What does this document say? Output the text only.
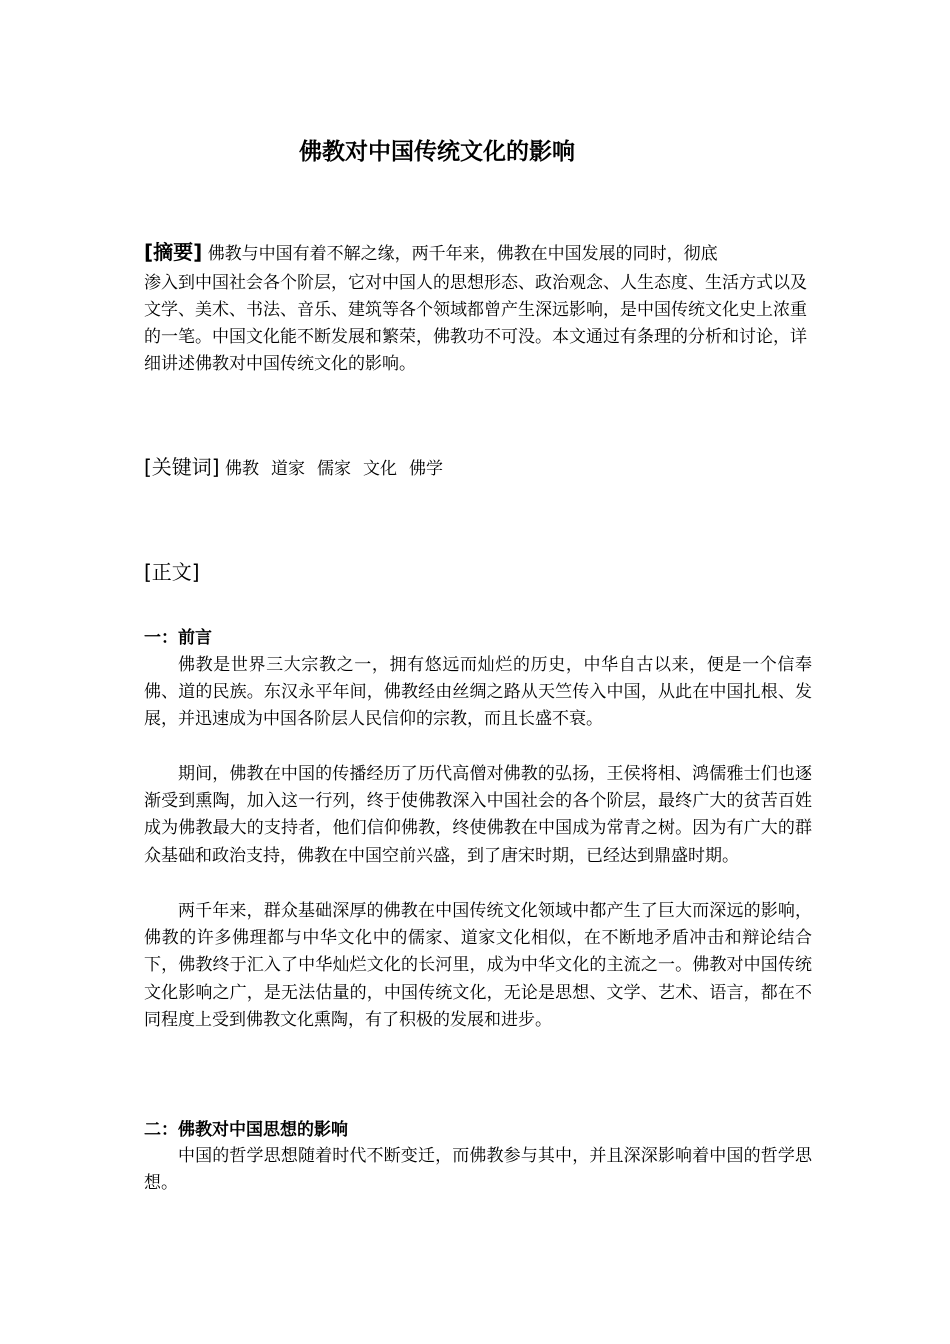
佛教对中国传统文化的影响
[摘要] 佛教与中国有着不解之缘，两千年来，佛教在中国发展的同时，彻底
渗入到中国社会各个阶层，它对中国人的思想形态、政治观念、人生态度、生活方式以及文学、美术、书法、音乐、建筑等各个领域都曾产生深远影响，是中国传统文化史上浓重的一笔。中国文化能不断发展和繁荣，佛教功不可没。本文通过有条理的分析和讨论，详细讲述佛教对中国传统文化的影响。
[关键词] 佛教 道家 儒家 文化 佛学
[正文]
一：前言

佛教是世界三大宗教之一，拥有悠远而灿烂的历史，中华自古以来，便是一个信奉佛、道的民族。东汉永平年间，佛教经由丝绸之路从天竺传入中国，从此在中国扎根、发展，并迅速成为中国各阶层人民信仰的宗教，而且长盛不衰。

期间，佛教在中国的传播经历了历代高僧对佛教的弘扬，王侯将相、鸿儒雅士们也逐渐受到熏陶，加入这一行列，终于使佛教深入中国社会的各个阶层，最终广大的贫苦百姓成为佛教最大的支持者，他们信仰佛教，终使佛教在中国成为常青之树。因为有广大的群众基础和政治支持，佛教在中国空前兴盛，到了唐宋时期，已经达到鼎盛时期。

两千年来，群众基础深厚的佛教在中国传统文化领域中都产生了巨大而深远的影响，佛教的许多佛理都与中华文化中的儒家、道家文化相似，在不断地矛盾冲击和辩论结合下，佛教终于汇入了中华灿烂文化的长河里，成为中华文化的主流之一。佛教对中国传统文化影响之广，是无法估量的，中国传统文化，无论是思想、文学、艺术、语言，都在不同程度上受到佛教文化熏陶，有了积极的发展和进步。

二：佛教对中国思想的影响

中国的哲学思想随着时代不断变迁，而佛教参与其中，并且深深影响着中国的哲学思想。
